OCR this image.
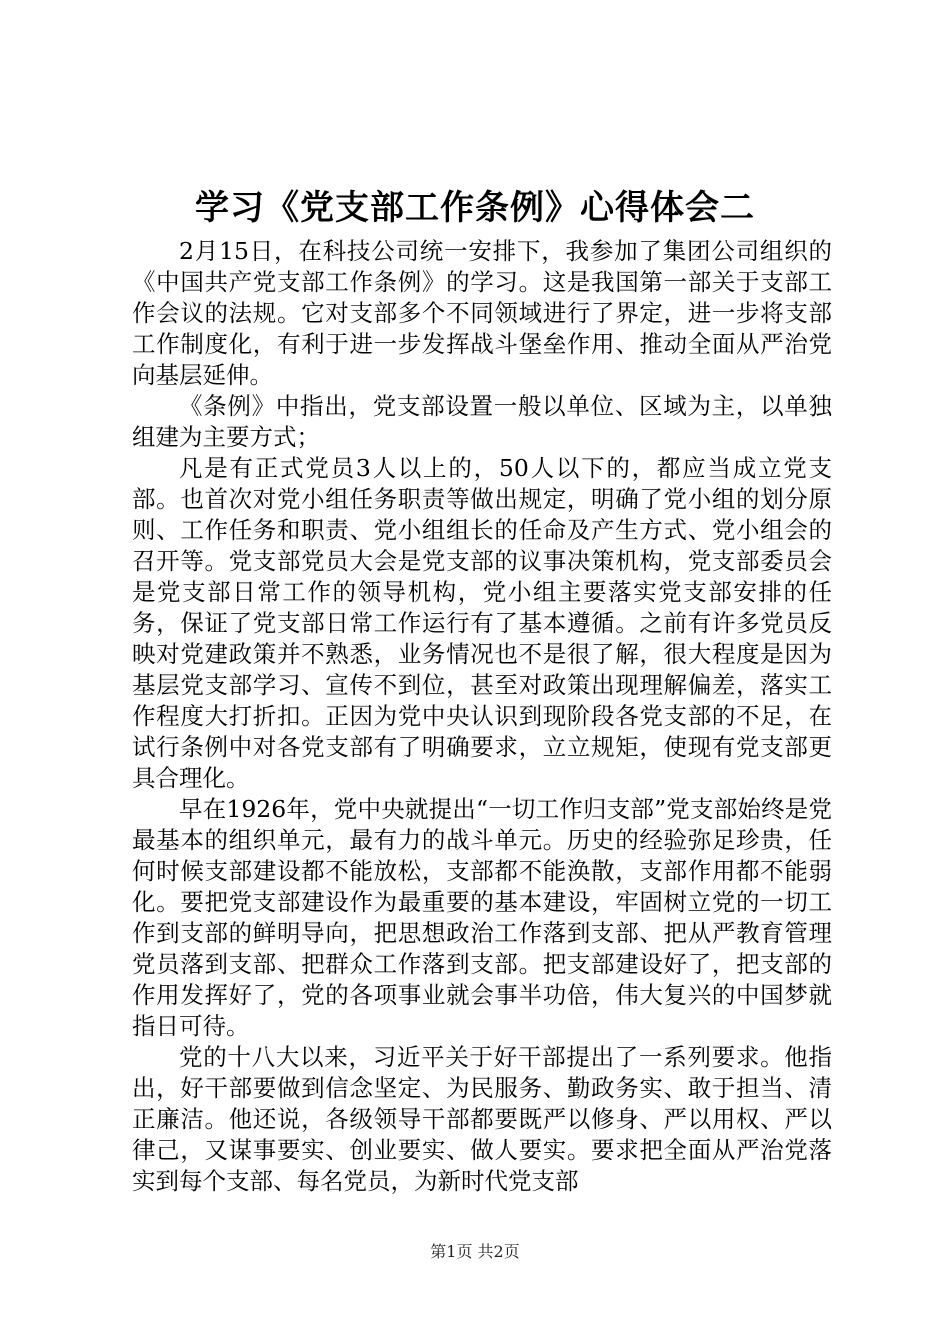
学习《党支部工作条例》心得体会二

2月15日，在科技公司统一安排下，我参加了集团公司组织的《中国共产党支部工作条例》的学习。这是我国第一部关于支部工作会议的法规。它对支部多个不同领域进行了界定，进一步将支部工作制度化，有利于进一步发挥战斗堡垒作用、推动全面从严治党向基层延伸。

《条例》中指出，党支部设置一般以单位、区域为主，以单独组建为主要方式；

凡是有正式党员3人以上的，50人以下的，都应当成立党支部。也首次对党小组任务职责等做出规定，明确了党小组的划分原则、工作任务和职责、党小组组长的任命及产生方式、党小组会的召开等。党支部党员大会是党支部的议事决策机构，党支部委员会是党支部日常工作的领导机构，党小组主要落实党支部安排的任务，保证了党支部日常工作运行有了基本遵循。之前有许多党员反映对党建政策并不熟悉，业务情况也不是很了解，很大程度是因为基层党支部学习、宣传不到位，甚至对政策出现理解偏差，落实工作程度大打折扣。正因为党中央认识到现阶段各党支部的不足，在试行条例中对各党支部有了明确要求，立立规矩，使现有党支部更具合理化。

早在1926年，党中央就提出“一切工作归支部”党支部始终是党最基本的组织单元，最有力的战斗单元。历史的经验弥足珍贵，任何时候支部建设都不能放松，支部都不能涣散，支部作用都不能弱化。要把党支部建设作为最重要的基本建设，牢固树立党的一切工作到支部的鲜明导向，把思想政治工作落到支部、把从严教育管理党员落到支部、把群众工作落到支部。把支部建设好了，把支部的作用发挥好了，党的各项事业就会事半功倍，伟大复兴的中国梦就指日可待。

党的十八大以来，习近平关于好干部提出了一系列要求。他指出，好干部要做到信念坚定、为民服务、勤政务实、敢于担当、清正廉洁。他还说，各级领导干部都要既严以修身、严以用权、严以律己，又谋事要实、创业要实、做人要实。要求把全面从严治党落实到每个支部、每名党员，为新时代党支部

第1页 共2页
